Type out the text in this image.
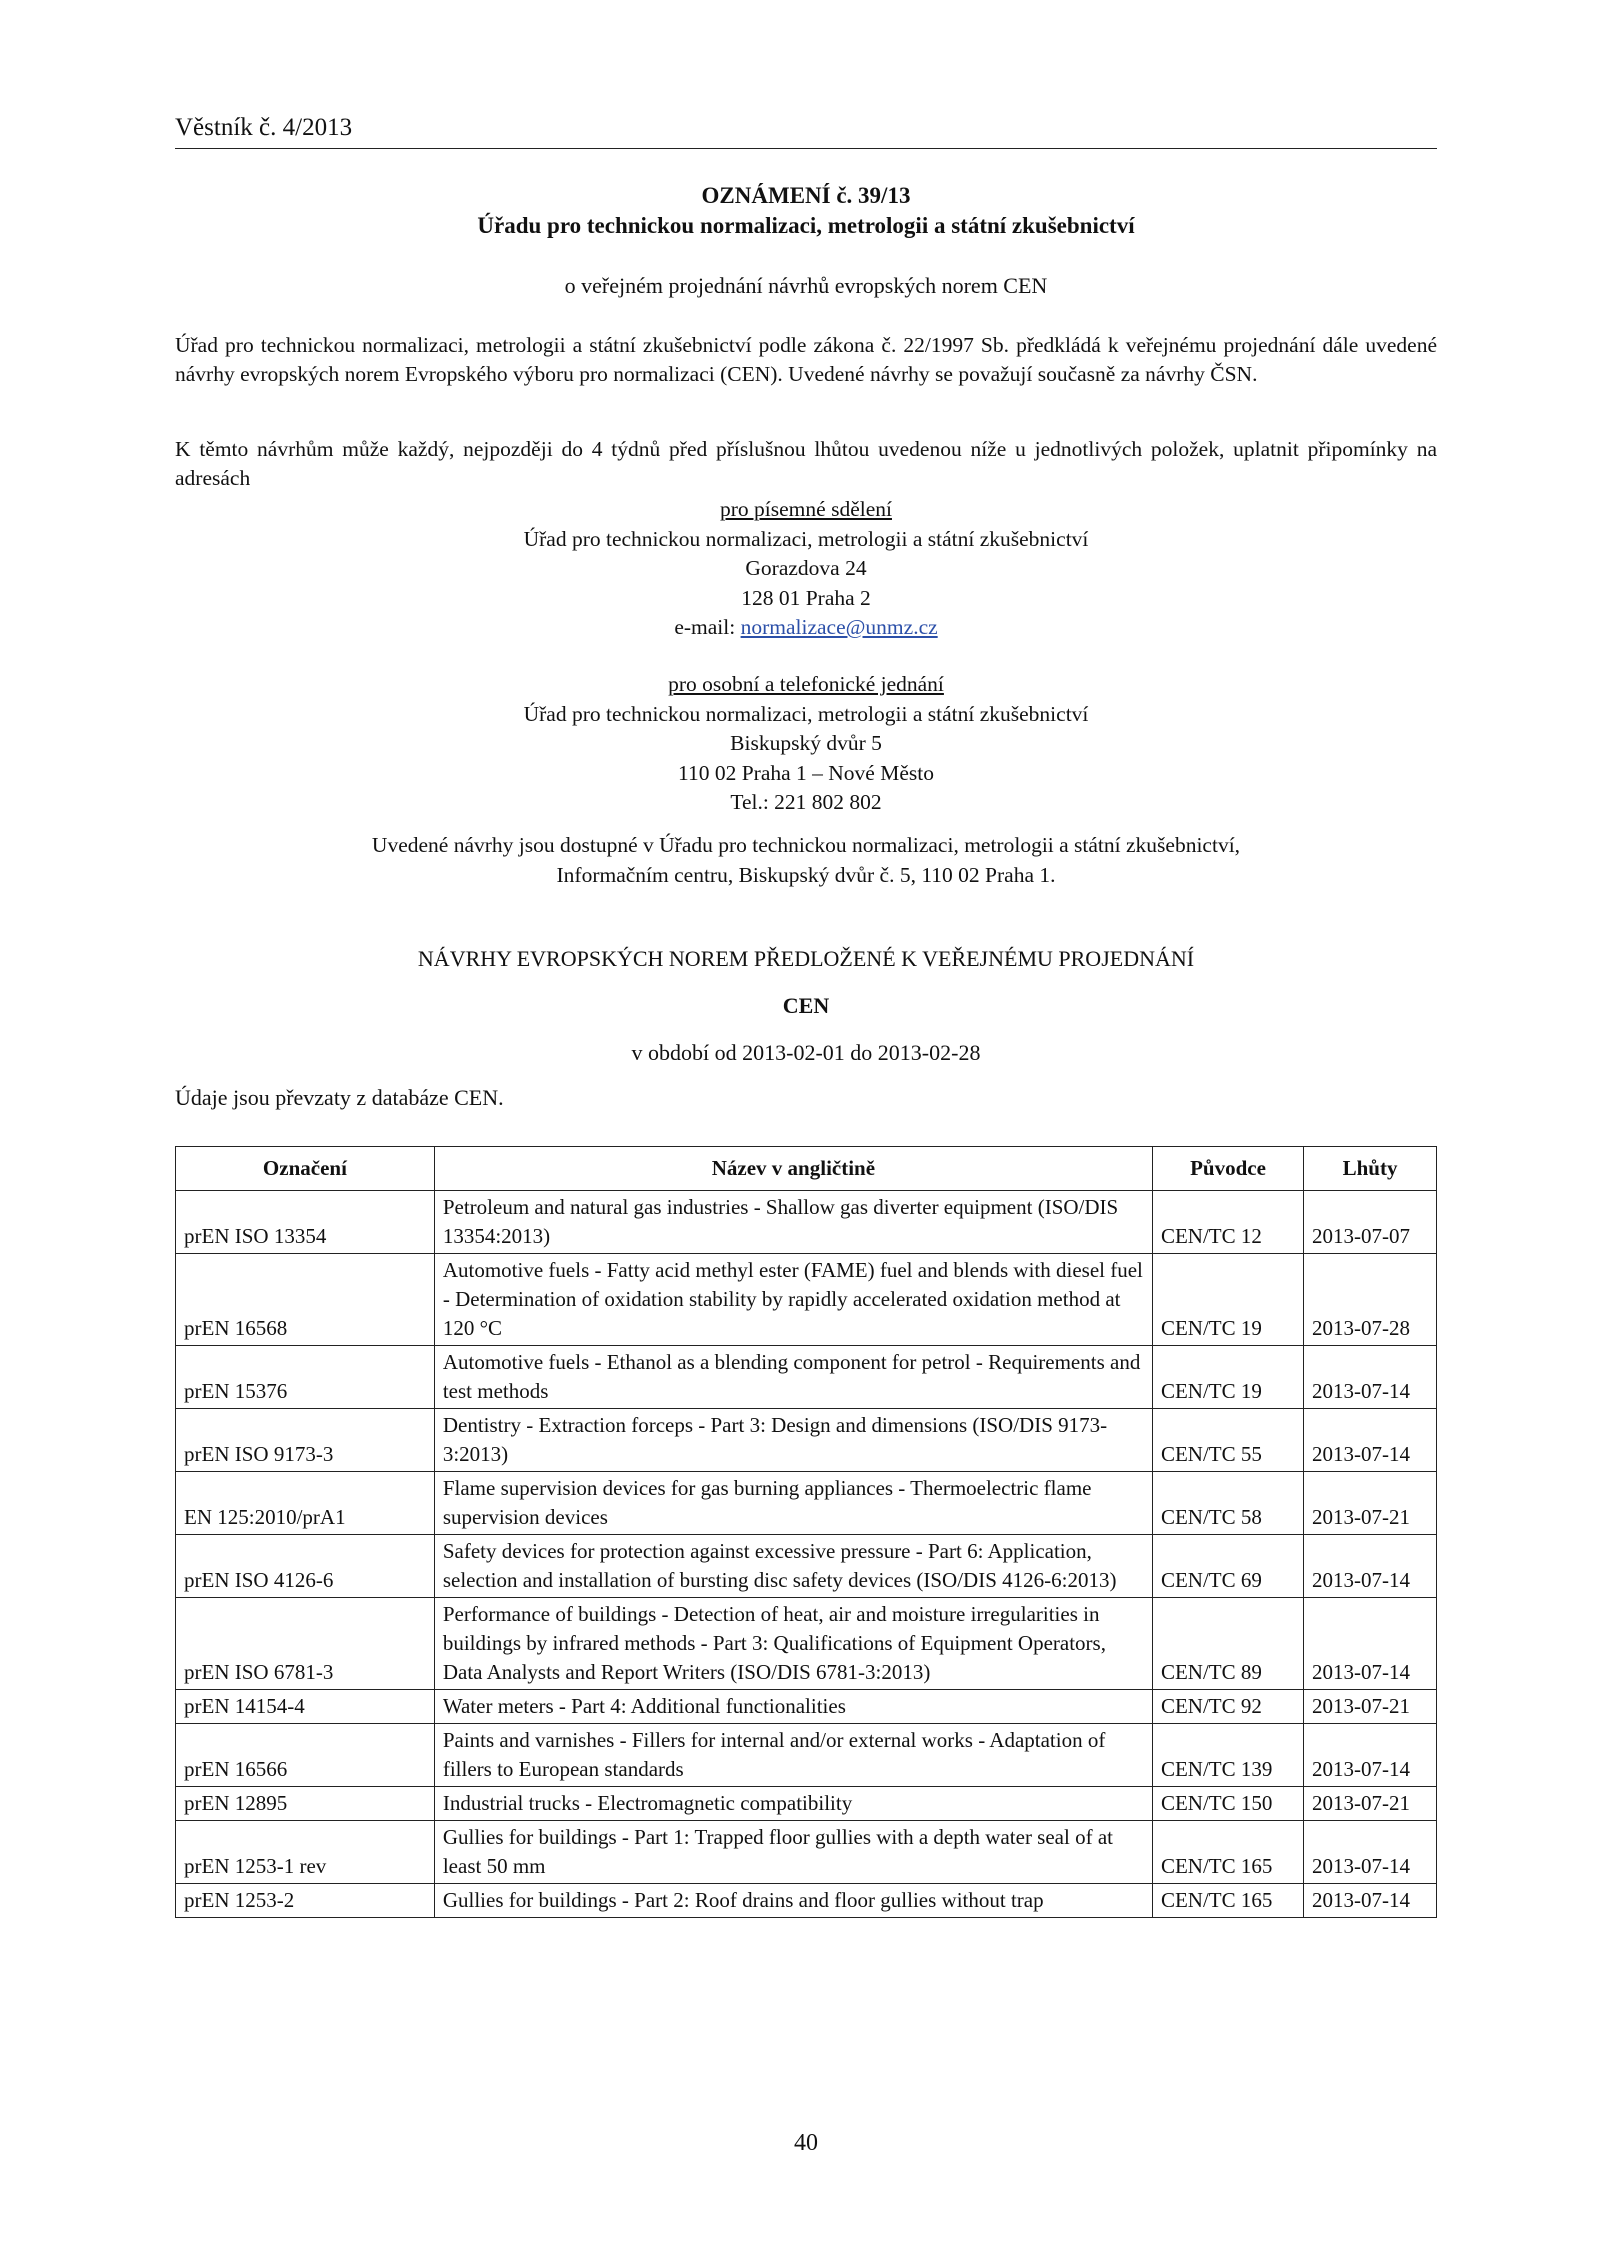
Věstník č. 4/2013
OZNÁMENÍ č. 39/13
Úřadu pro technickou normalizaci, metrologii a státní zkušebnictví
o veřejném projednání návrhů evropských norem CEN
Úřad pro technickou normalizaci, metrologii a státní zkušebnictví podle zákona č. 22/1997 Sb. předkládá k veřejnému projednání dále uvedené návrhy evropských norem Evropského výboru pro normalizaci (CEN). Uvedené návrhy se považují současně za návrhy ČSN.
K těmto návrhům může každý, nejpozději do 4 týdnů před příslušnou lhůtou uvedenou níže u jednotlivých položek, uplatnit připomínky na adresách
pro písemné sdělení
Úřad pro technickou normalizaci, metrologii a státní zkušebnictví
Gorazdova 24
128 01 Praha 2
e-mail: normalizace@unmz.cz
pro osobní a telefonické jednání
Úřad pro technickou normalizaci, metrologii a státní zkušebnictví
Biskupský dvůr 5
110 02 Praha 1 – Nové Město
Tel.: 221 802 802
Uvedené návrhy jsou dostupné v Úřadu pro technickou normalizaci, metrologii a státní zkušebnictví,
Informačním centru, Biskupský dvůr č. 5, 110 02 Praha 1.
NÁVRHY EVROPSKÝCH NOREM PŘEDLOŽENÉ K VEŘEJNÉMU PROJEDNÁNÍ
CEN
v období od 2013-02-01 do 2013-02-28
Údaje jsou převzaty z databáze CEN.
Označení	Název v angličtině	Původce	Lhůty
prEN ISO 13354	Petroleum and natural gas industries - Shallow gas diverter equipment (ISO/DIS 13354:2013)	CEN/TC 12	2013-07-07
prEN 16568	Automotive fuels - Fatty acid methyl ester (FAME) fuel and blends with diesel fuel - Determination of oxidation stability by rapidly accelerated oxidation method at 120 °C	CEN/TC 19	2013-07-28
prEN 15376	Automotive fuels - Ethanol as a blending component for petrol - Requirements and test methods	CEN/TC 19	2013-07-14
prEN ISO 9173-3	Dentistry - Extraction forceps - Part 3: Design and dimensions (ISO/DIS 9173-3:2013)	CEN/TC 55	2013-07-14
EN 125:2010/prA1	Flame supervision devices for gas burning appliances - Thermoelectric flame supervision devices	CEN/TC 58	2013-07-21
prEN ISO 4126-6	Safety devices for protection against excessive pressure - Part 6: Application, selection and installation of bursting disc safety devices (ISO/DIS 4126-6:2013)	CEN/TC 69	2013-07-14
prEN ISO 6781-3	Performance of buildings - Detection of heat, air and moisture irregularities in buildings by infrared methods - Part 3: Qualifications of Equipment Operators, Data Analysts and Report Writers (ISO/DIS 6781-3:2013)	CEN/TC 89	2013-07-14
prEN 14154-4	Water meters - Part 4: Additional functionalities	CEN/TC 92	2013-07-21
prEN 16566	Paints and varnishes - Fillers for internal and/or external works - Adaptation of fillers to European standards	CEN/TC 139	2013-07-14
prEN 12895	Industrial trucks - Electromagnetic compatibility	CEN/TC 150	2013-07-21
prEN 1253-1 rev	Gullies for buildings - Part 1: Trapped floor gullies with a depth water seal of at least 50 mm	CEN/TC 165	2013-07-14
prEN 1253-2	Gullies for buildings - Part 2: Roof drains and floor gullies without trap	CEN/TC 165	2013-07-14
40
